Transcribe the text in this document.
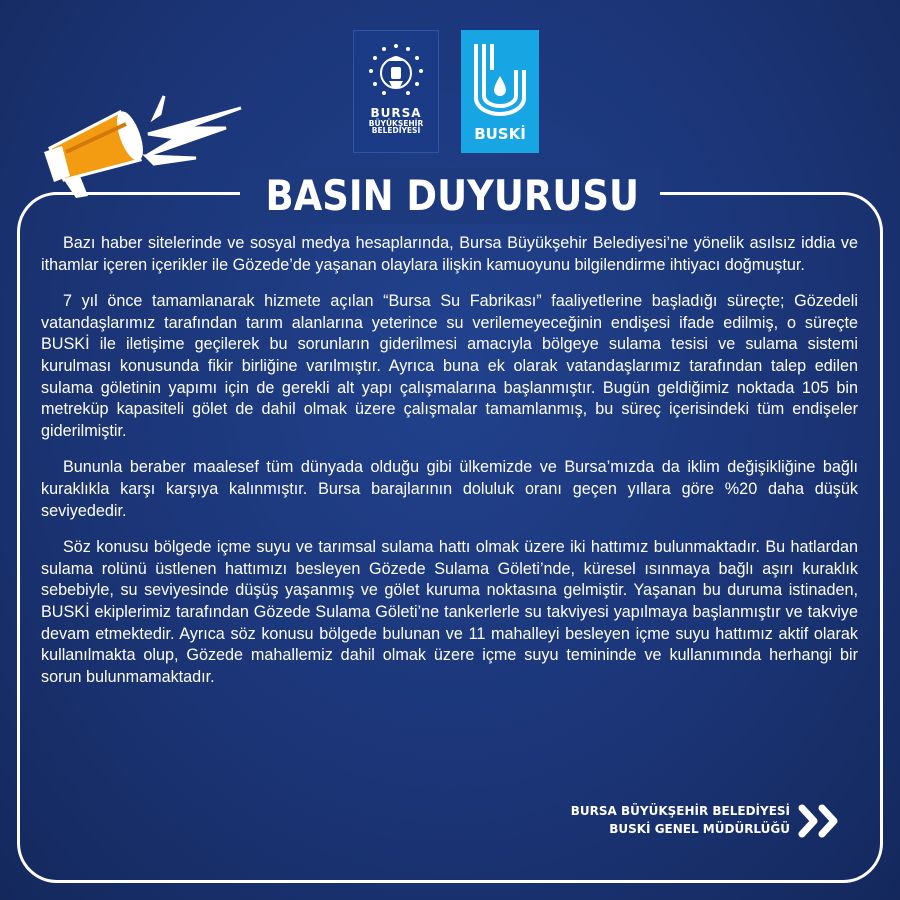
BURSA
BÜYÜKŞEHİR
BELEDİYESİ	BUSKİ
BASIN DUYURUSU

Bazı haber sitelerinde ve sosyal medya hesaplarında, Bursa Büyükşehir Belediyesi’ne yönelik asılsız iddia ve ithamlar içeren içerikler ile Gözede’de yaşanan olaylara ilişkin kamuoyunu bilgilendirme ihtiyacı doğmuştur.

7 yıl önce tamamlanarak hizmete açılan “Bursa Su Fabrikası” faaliyetlerine başladığı süreçte; Gözedeli vatandaşlarımız tarafından tarım alanlarına yeterince su verilemeyeceğinin endişesi ifade edilmiş, o süreçte BUSKİ ile iletişime geçilerek bu sorunların giderilmesi amacıyla bölgeye sulama tesisi ve sulama sistemi kurulması konusunda fikir birliğine varılmıştır. Ayrıca buna ek olarak vatandaşlarımız tarafından talep edilen sulama göletinin yapımı için de gerekli alt yapı çalışmalarına başlanmıştır. Bugün geldiğimiz noktada 105 bin metreküp kapasiteli gölet de dahil olmak üzere çalışmalar tamamlanmış, bu süreç içerisindeki tüm endişeler giderilmiştir.

Bununla beraber maalesef tüm dünyada olduğu gibi ülkemizde ve Bursa’mızda da iklim değişikliğine bağlı kuraklıkla karşı karşıya kalınmıştır. Bursa barajlarının doluluk oranı geçen yıllara göre %20 daha düşük seviyededir.

Söz konusu bölgede içme suyu ve tarımsal sulama hattı olmak üzere iki hattımız bulunmaktadır. Bu hatlardan sulama rolünü üstlenen hattımızı besleyen Gözede Sulama Göleti’nde, küresel ısınmaya bağlı aşırı kuraklık sebebiyle, su seviyesinde düşüş yaşanmış ve gölet kuruma noktasına gelmiştir. Yaşanan bu duruma istinaden, BUSKİ ekiplerimiz tarafından Gözede Sulama Göleti’ne tankerlerle su takviyesi yapılmaya başlanmıştır ve takviye devam etmektedir. Ayrıca söz konusu bölgede bulunan ve 11 mahalleyi besleyen içme suyu hattımız aktif olarak kullanılmakta olup, Gözede mahallemiz dahil olmak üzere içme suyu temininde ve kullanımında herhangi bir sorun bulunmamaktadır.

BURSA BÜYÜKŞEHİR BELEDİYESİ
BUSKİ GENEL MÜDÜRLÜĞÜ
